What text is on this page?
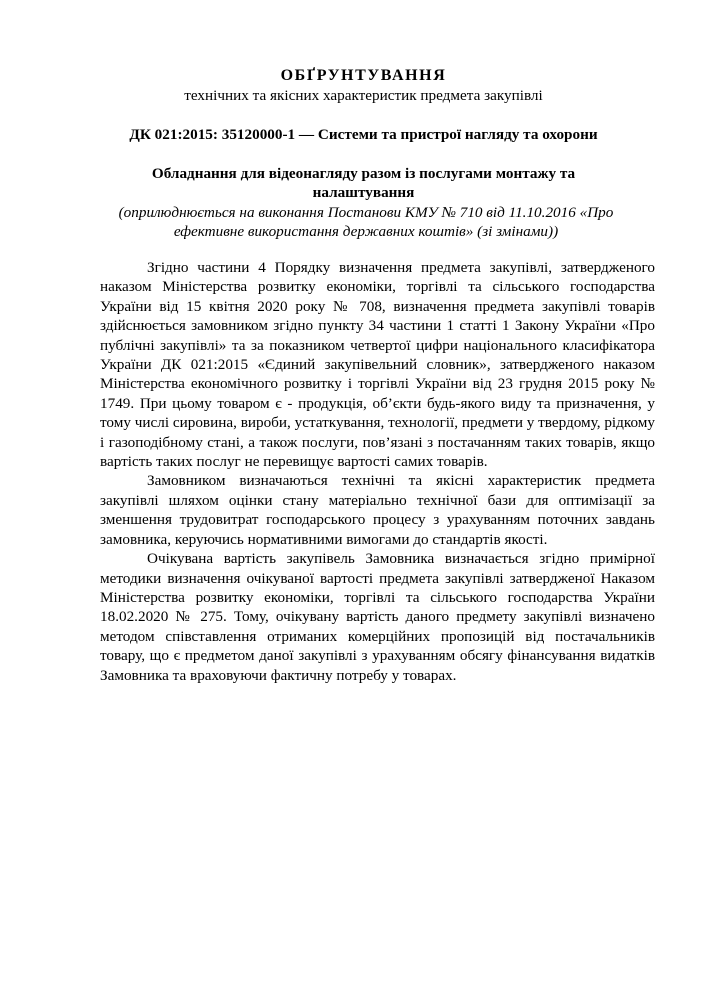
ОБҐРУНТУВАННЯ
технічних та якісних характеристик предмета закупівлі
ДК 021:2015: 35120000-1 — Системи та пристрої нагляду та охорони
Обладнання для відеонагляду разом із послугами монтажу та налаштування
(оприлюднюється на виконання Постанови КМУ № 710 від 11.10.2016 «Про ефективне використання державних коштів» (зі змінами))

Згідно частини 4 Порядку визначення предмета закупівлі, затвердженого наказом Міністерства розвитку економіки, торгівлі та сільського господарства України від 15 квітня 2020 року № 708, визначення предмета закупівлі товарів здійснюється замовником згідно пункту 34 частини 1 статті 1 Закону України «Про публічні закупівлі» та за показником четвертої цифри національного класифікатора України ДК 021:2015 «Єдиний закупівельний словник», затвердженого наказом Міністерства економічного розвитку і торгівлі України від 23 грудня 2015 року № 1749. При цьому товаром є - продукція, об’єкти будь-якого виду та призначення, у тому числі сировина, вироби, устаткування, технології, предмети у твердому, рідкому і газоподібному стані, а також послуги, пов’язані з постачанням таких товарів, якщо вартість таких послуг не перевищує вартості самих товарів.

Замовником визначаються технічні та якісні характеристик предмета закупівлі шляхом оцінки стану матеріально технічної бази для оптимізації за зменшення трудовитрат господарського процесу з урахуванням поточних завдань замовника, керуючись нормативними вимогами до стандартів якості.

Очікувана вартість закупівель Замовника визначається згідно примірної методики визначення очікуваної вартості предмета закупівлі затвердженої Наказом Міністерства розвитку економіки, торгівлі та сільського господарства України 18.02.2020 № 275. Тому, очікувану вартість даного предмету закупівлі визначено методом співставлення отриманих комерційних пропозицій від постачальників товару, що є предметом даної закупівлі з урахуванням обсягу фінансування видатків Замовника та враховуючи фактичну потребу у товарах.
